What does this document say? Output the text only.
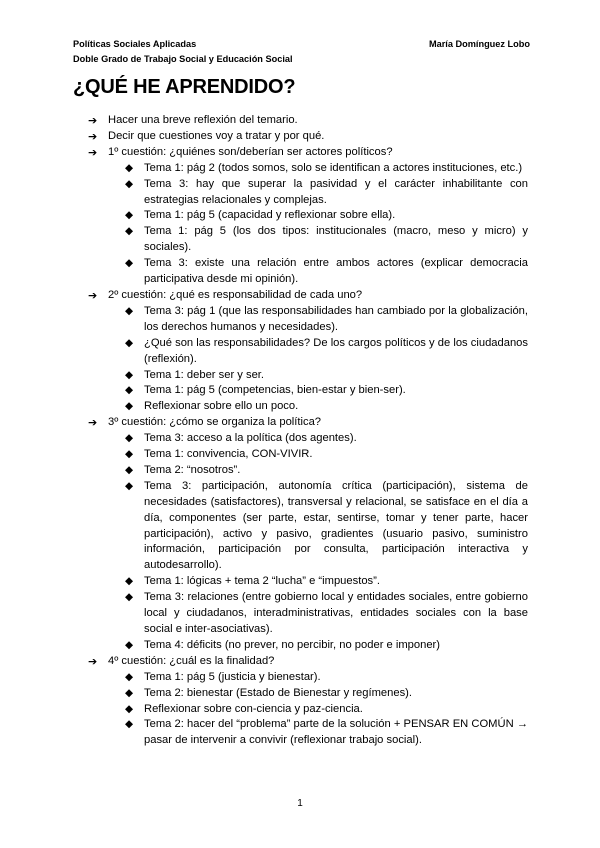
Políticas Sociales Aplicadas	María Domínguez Lobo
Doble Grado de Trabajo Social y Educación Social
¿QUÉ HE APRENDIDO?
➔ Hacer una breve reflexión del temario.
➔ Decir que cuestiones voy a tratar y por qué.
➔ 1º cuestión: ¿quiénes son/deberían ser actores políticos?
◆ Tema 1: pág 2 (todos somos, solo se identifican a actores instituciones, etc.)
◆ Tema 3: hay que superar la pasividad y el carácter inhabilitante con estrategias relacionales y complejas.
◆ Tema 1: pág 5 (capacidad y reflexionar sobre ella).
◆ Tema 1: pág 5 (los dos tipos: institucionales (macro, meso y micro) y sociales).
◆ Tema 3: existe una relación entre ambos actores (explicar democracia participativa desde mi opinión).
➔ 2º cuestión: ¿qué es responsabilidad de cada uno?
◆ Tema 3: pág 1 (que las responsabilidades han cambiado por la globalización, los derechos humanos y necesidades).
◆ ¿Qué son las responsabilidades? De los cargos políticos y de los ciudadanos (reflexión).
◆ Tema 1: deber ser y ser.
◆ Tema 1: pág 5 (competencias, bien-estar y bien-ser).
◆ Reflexionar sobre ello un poco.
➔ 3º cuestión: ¿cómo se organiza la política?
◆ Tema 3: acceso a la política (dos agentes).
◆ Tema 1: convivencia, CON-VIVIR.
◆ Tema 2: “nosotros”.
◆ Tema 3: participación, autonomía crítica (participación), sistema de necesidades (satisfactores), transversal y relacional, se satisface en el día a día, componentes (ser parte, estar, sentirse, tomar y tener parte, hacer participación), activo y pasivo, gradientes (usuario pasivo, suministro información, participación por consulta, participación interactiva y autodesarrollo).
◆ Tema 1: lógicas + tema 2 “lucha” e “impuestos”.
◆ Tema 3: relaciones (entre gobierno local y entidades sociales, entre gobierno local y ciudadanos, interadministrativas, entidades sociales con la base social e inter-asociativas).
◆ Tema 4: déficits (no prever, no percibir, no poder e imponer)
➔ 4º cuestión: ¿cuál es la finalidad?
◆ Tema 1: pág 5 (justicia y bienestar).
◆ Tema 2: bienestar (Estado de Bienestar y regímenes).
◆ Reflexionar sobre con-ciencia y paz-ciencia.
◆ Tema 2: hacer del “problema” parte de la solución + PENSAR EN COMÚN → pasar de intervenir a convivir (reflexionar trabajo social).
1
